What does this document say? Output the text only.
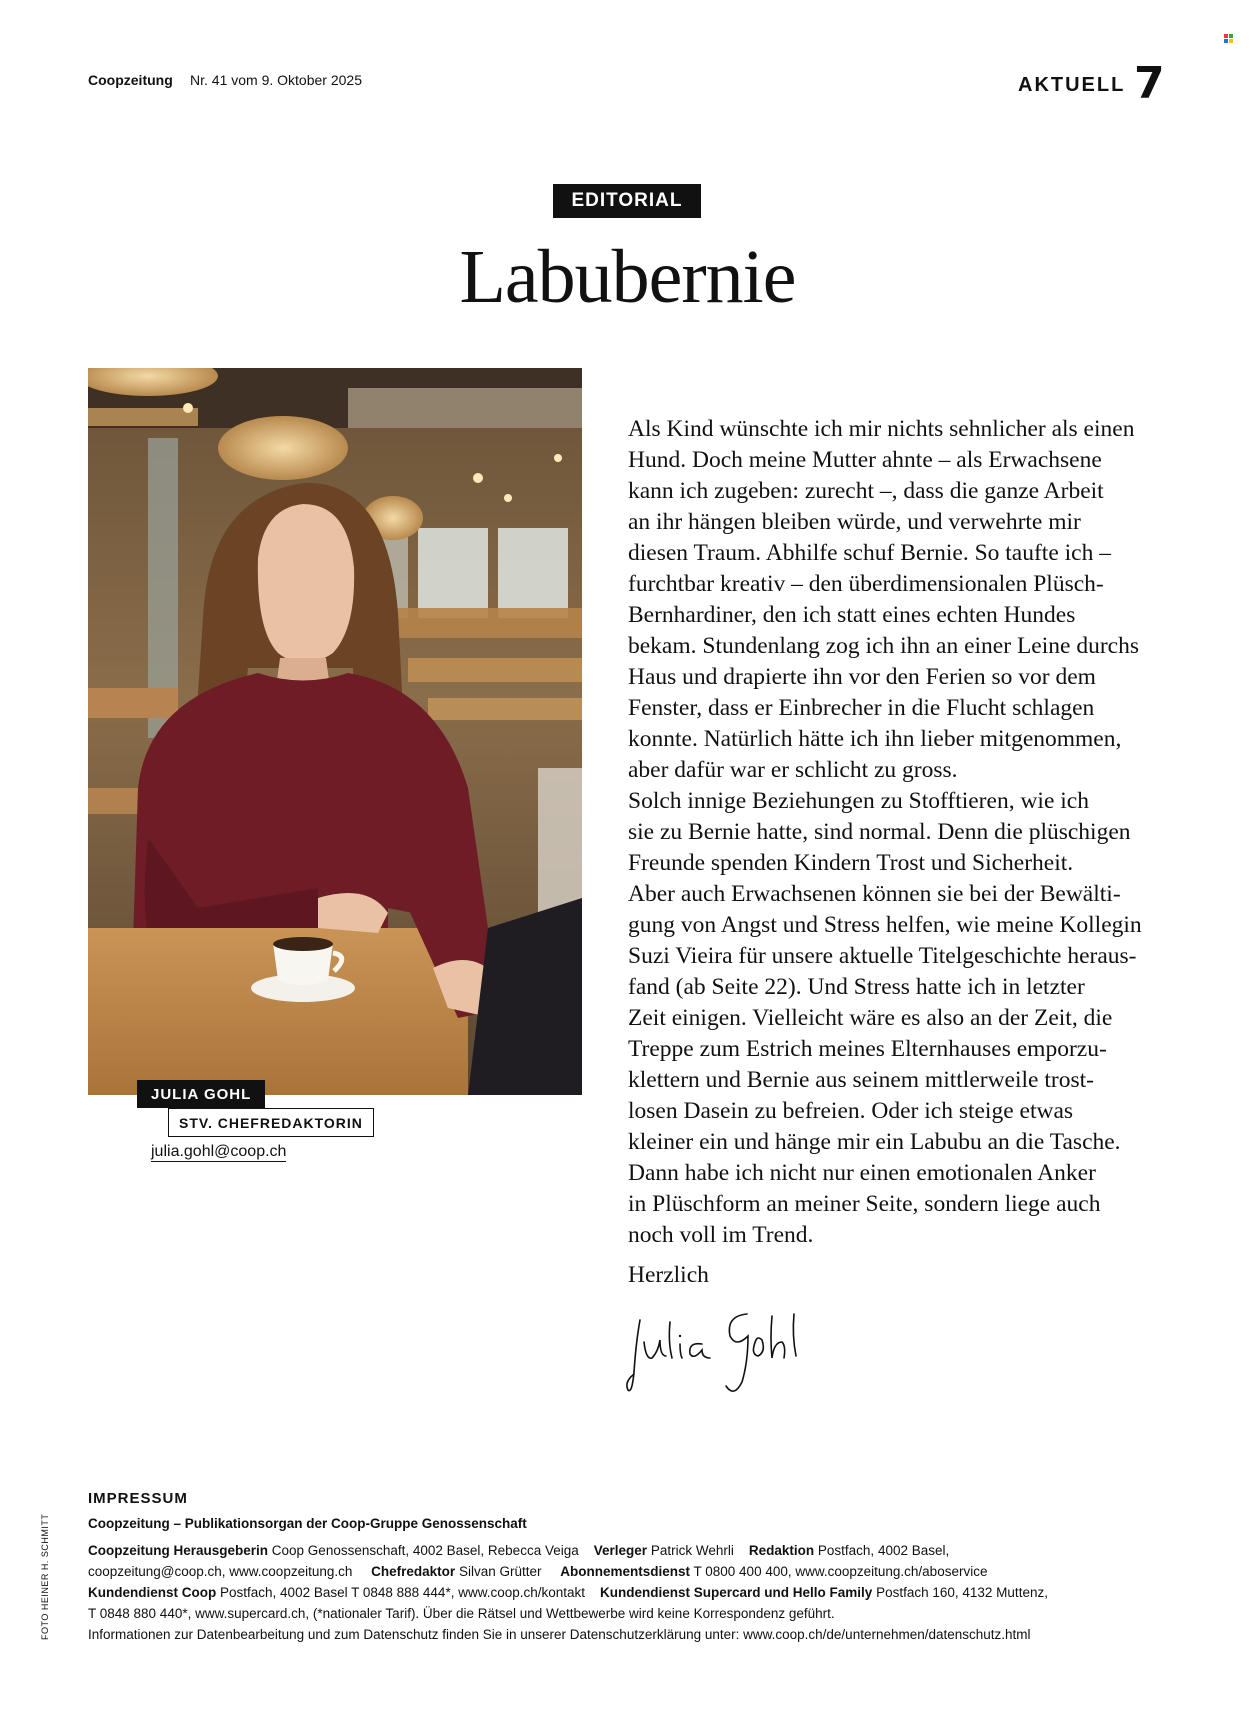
Coopzeitung Nr. 41 vom 9. Oktober 2025	AKTUELL 7
EDITORIAL
Labubernie
JULIA GOHL
STV. CHEFREDAKTORIN
julia.gohl@coop.ch

Als Kind wünschte ich mir nichts sehnlicher als einen

Hund. Doch meine Mutter ahnte – als Erwachsene

kann ich zugeben: zurecht –, dass die ganze Arbeit

an ihr hängen bleiben würde, und verwehrte mir

diesen Traum. Abhilfe schuf Bernie. So taufte ich –

furchtbar kreativ – den überdimensionalen Plüsch-

Bernhardiner, den ich statt eines echten Hundes

bekam. Stundenlang zog ich ihn an einer Leine durchs

Haus und drapierte ihn vor den Ferien so vor dem

Fenster, dass er Einbrecher in die Flucht schlagen

konnte. Natürlich hätte ich ihn lieber mitgenommen,

aber dafür war er schlicht zu gross.

Solch innige Beziehungen zu Stofftieren, wie ich

sie zu Bernie hatte, sind normal. Denn die plüschigen

Freunde spenden Kindern Trost und Sicherheit.

Aber auch Erwachsenen können sie bei der Bewälti-

gung von Angst und Stress helfen, wie meine Kollegin

Suzi Vieira für unsere aktuelle Titelgeschichte heraus-

fand (ab Seite 22). Und Stress hatte ich in letzter

Zeit einigen. Vielleicht wäre es also an der Zeit, die

Treppe zum Estrich meines Elternhauses emporzu-

klettern und Bernie aus seinem mittlerweile trost-

losen Dasein zu befreien. Oder ich steige etwas

kleiner ein und hänge mir ein Labubu an die Tasche.

Dann habe ich nicht nur einen emotionalen Anker

in Plüschform an meiner Seite, sondern liege auch

noch voll im Trend.

Herzlich
FOTO HEINER H. SCHMITT
IMPRESSUM
Coopzeitung – Publikationsorgan der Coop-Gruppe Genossenschaft
Coopzeitung Herausgeberin Coop Genossenschaft, 4002 Basel, Rebecca Veiga Verleger Patrick Wehrli Redaktion Postfach, 4002 Basel,
coopzeitung@coop.ch, www.coopzeitung.ch Chefredaktor Silvan Grütter Abonnementsdienst T 0800 400 400, www.coopzeitung.ch/aboservice
Kundendienst Coop Postfach, 4002 Basel T 0848 888 444*, www.coop.ch/kontakt Kundendienst Supercard und Hello Family Postfach 160, 4132 Muttenz,
T 0848 880 440*, www.supercard.ch, (*nationaler Tarif). Über die Rätsel und Wettbewerbe wird keine Korrespondenz geführt.
Informationen zur Datenbearbeitung und zum Datenschutz finden Sie in unserer Datenschutzerklärung unter: www.coop.ch/de/unternehmen/datenschutz.html
